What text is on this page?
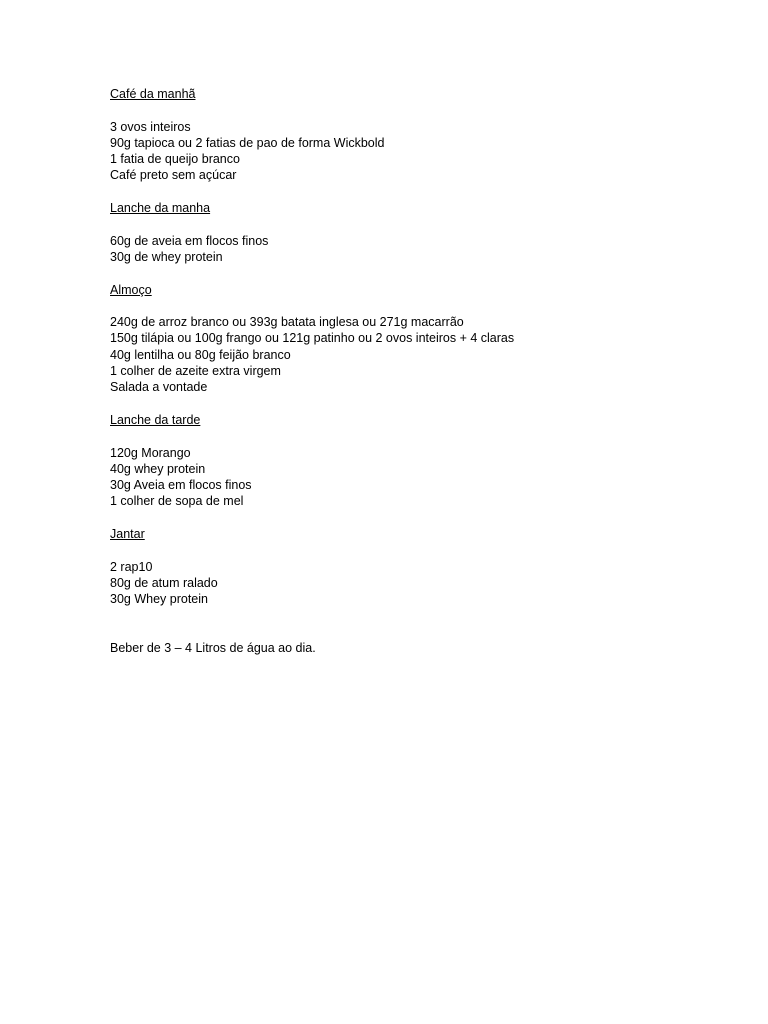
Café da manhã

3 ovos inteiros
90g tapioca ou 2 fatias de pao de forma Wickbold
1 fatia de queijo branco
Café preto sem açúcar

Lanche da manha

60g de aveia em flocos finos
30g de whey protein

Almoço

240g de arroz branco ou 393g batata inglesa ou 271g macarrão
150g tilápia ou 100g frango ou 121g patinho ou 2 ovos inteiros + 4 claras
40g lentilha ou 80g feijão branco
1 colher de azeite extra virgem
Salada a vontade

Lanche da tarde

120g Morango
40g whey protein
30g Aveia em flocos finos
1 colher de sopa de mel

Jantar

2 rap10
80g de atum ralado
30g Whey protein

Beber de 3 – 4 Litros de água ao dia.
